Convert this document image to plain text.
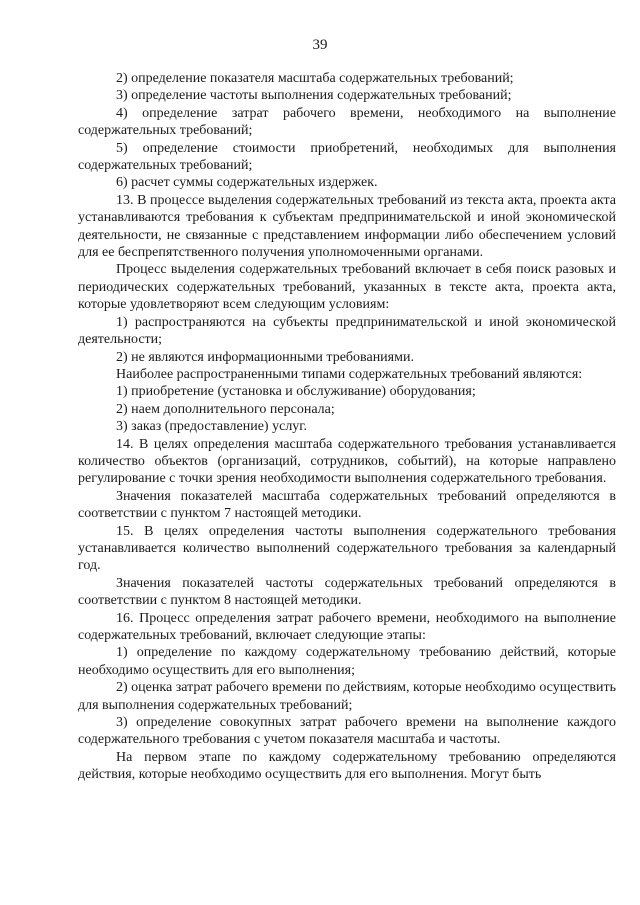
39

2) определение показателя масштаба содержательных требований;

3) определение частоты выполнения содержательных требований;

4) определение затрат рабочего времени, необходимого на выполнение содержательных требований;

5) определение стоимости приобретений, необходимых для выполнения содержательных требований;

6) расчет суммы содержательных издержек.

13. В процессе выделения содержательных требований из текста акта, проекта акта устанавливаются требования к субъектам предпринимательской и иной экономической деятельности, не связанные с представлением информации либо обеспечением условий для ее беспрепятственного получения уполномоченными органами.

Процесс выделения содержательных требований включает в себя поиск разовых и периодических содержательных требований, указанных в тексте акта, проекта акта, которые удовлетворяют всем следующим условиям:

1) распространяются на субъекты предпринимательской и иной экономической деятельности;

2) не являются информационными требованиями.

Наиболее распространенными типами содержательных требований являются:

1) приобретение (установка и обслуживание) оборудования;

2) наем дополнительного персонала;

3) заказ (предоставление) услуг.

14. В целях определения масштаба содержательного требования устанавливается количество объектов (организаций, сотрудников, событий), на которые направлено регулирование с точки зрения необходимости выполнения содержательного требования.

Значения показателей масштаба содержательных требований определяются в соответствии с пунктом 7 настоящей методики.

15. В целях определения частоты выполнения содержательного требования устанавливается количество выполнений содержательного требования за календарный год.

Значения показателей частоты содержательных требований определяются в соответствии с пунктом 8 настоящей методики.

16. Процесс определения затрат рабочего времени, необходимого на выполнение содержательных требований, включает следующие этапы:

1) определение по каждому содержательному требованию действий, которые необходимо осуществить для его выполнения;

2) оценка затрат рабочего времени по действиям, которые необходимо осуществить для выполнения содержательных требований;

3) определение совокупных затрат рабочего времени на выполнение каждого содержательного требования с учетом показателя масштаба и частоты.

На первом этапе по каждому содержательному требованию определяются действия, которые необходимо осуществить для его выполнения. Могут быть
